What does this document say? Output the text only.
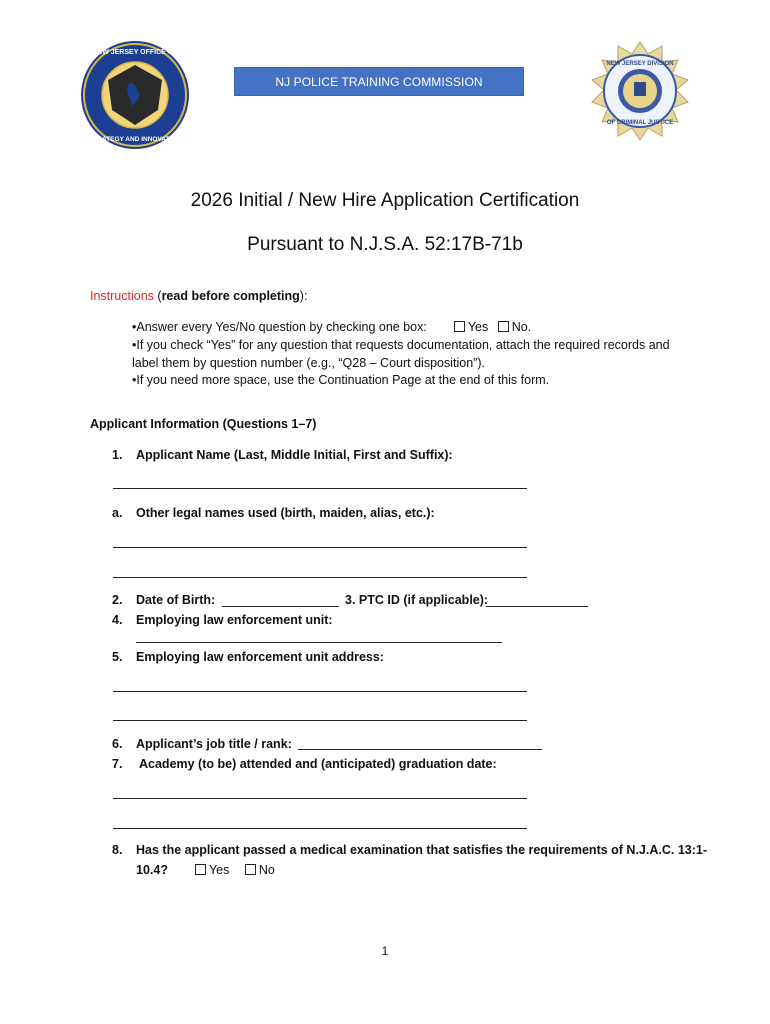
NEW JERSEY OFFICE OF
STRATEGY AND INNOVATION
NJ POLICE TRAINING COMMISSION
NEW JERSEY DIVISION
OF CRIMINAL JUSTICE
2026 Initial / New Hire Application Certification
Pursuant to N.J.S.A. 52:17B-71b
Instructions (read before completing):
•Answer every Yes/No question by checking one box:	Yes No.
•If you check “Yes” for any question that requests documentation, attach the required records and label them by question number (e.g., “Q28 – Court disposition”).
•If you need more space, use the Continuation Page at the end of this form.
Applicant Information (Questions 1–7)
1. Applicant Name (Last, Middle Initial, First and Suffix):
a. Other legal names used (birth, maiden, alias, etc.):
2. Date of Birth:	3. PTC ID (if applicable):
4. Employing law enforcement unit:
5. Employing law enforcement unit address:
6. Applicant’s job title / rank:
7. Academy (to be) attended and (anticipated) graduation date:
8. Has the applicant passed a medical examination that satisfies the requirements of N.J.A.C. 13:1-
10.4?	Yes No
1
